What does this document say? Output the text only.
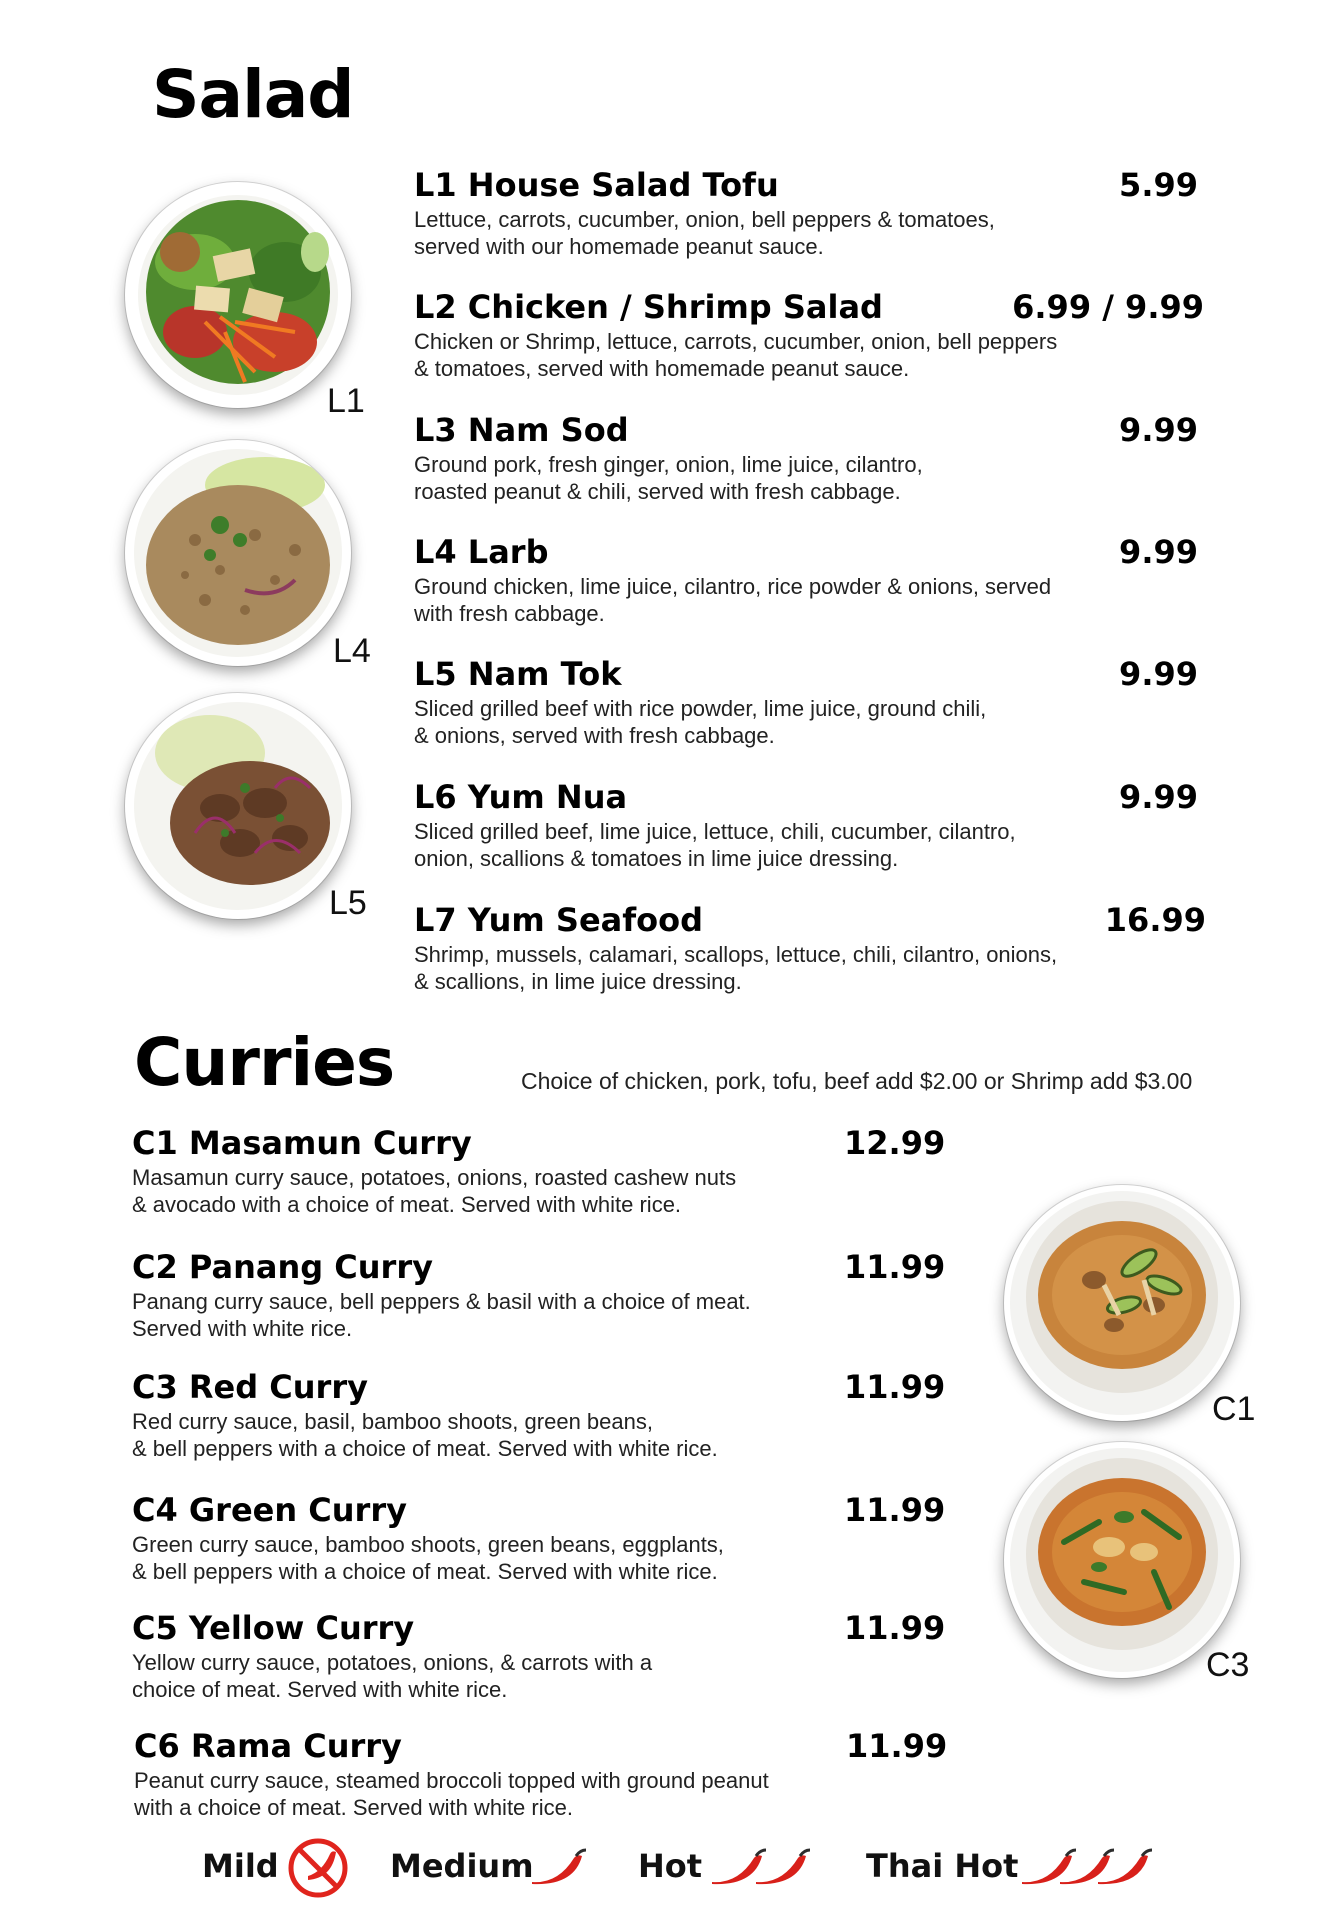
Salad
L1
L4
L5
L1 House Salad Tofu	5.99
Lettuce, carrots, cucumber, onion, bell peppers & tomatoes,
served with our homemade peanut sauce.
L2 Chicken / Shrimp Salad	6.99 / 9.99
Chicken or Shrimp, lettuce, carrots, cucumber, onion, bell peppers
& tomatoes, served with homemade peanut sauce.
L3 Nam Sod	9.99
Ground pork, fresh ginger, onion, lime juice, cilantro,
roasted peanut & chili, served with fresh cabbage.
L4 Larb	9.99
Ground chicken, lime juice, cilantro, rice powder & onions, served
with fresh cabbage.
L5 Nam Tok	9.99
Sliced grilled beef with rice powder, lime juice, ground chili,
& onions, served with fresh cabbage.
L6 Yum Nua	9.99
Sliced grilled beef, lime juice, lettuce, chili, cucumber, cilantro,
onion, scallions & tomatoes in lime juice dressing.
L7 Yum Seafood	16.99
Shrimp, mussels, calamari, scallops, lettuce, chili, cilantro, onions,
& scallions, in lime juice dressing.
Curries	Choice of chicken, pork, tofu, beef add $2.00 or Shrimp add $3.00
C1 Masamun Curry	12.99
Masamun curry sauce, potatoes, onions, roasted cashew nuts
& avocado with a choice of meat. Served with white rice.
C2 Panang Curry	11.99
Panang curry sauce, bell peppers & basil with a choice of meat.
Served with white rice.
C3 Red Curry	11.99
Red curry sauce, basil, bamboo shoots, green beans,
& bell peppers with a choice of meat. Served with white rice.
C4 Green Curry	11.99
Green curry sauce, bamboo shoots, green beans, eggplants,
& bell peppers with a choice of meat. Served with white rice.
C5 Yellow Curry	11.99
Yellow curry sauce, potatoes, onions, & carrots with a
choice of meat. Served with white rice.
C6 Rama Curry	11.99
Peanut curry sauce, steamed broccoli topped with ground peanut
with a choice of meat. Served with white rice.
C1
C3
Mild	Medium	Hot	Thai Hot
